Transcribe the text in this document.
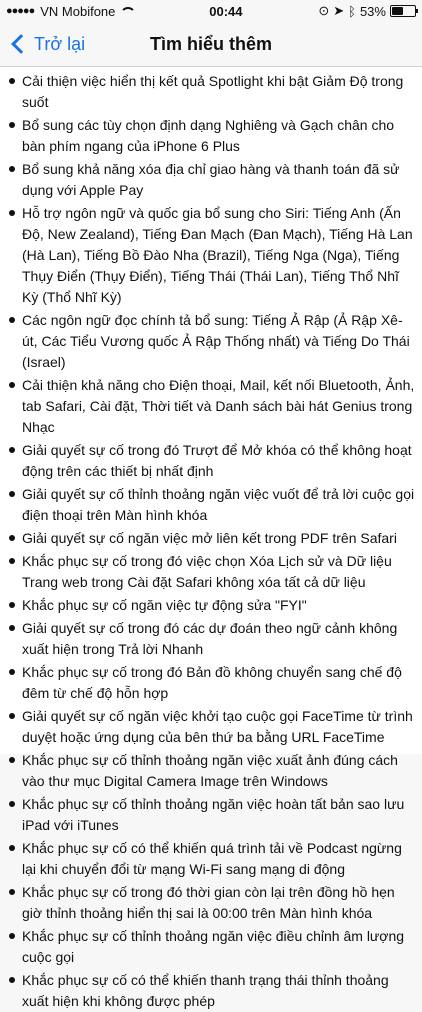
●●●●● VN Mobifone	00:44	⊙ ➤ ᛒ 53%
Trở lại	Tìm hiểu thêm
Cải thiện việc hiển thị kết quả Spotlight khi bật Giảm Độ trong suốt
Bổ sung các tùy chọn định dạng Nghiêng và Gạch chân cho bàn phím ngang của iPhone 6 Plus
Bổ sung khả năng xóa địa chỉ giao hàng và thanh toán đã sử dụng với Apple Pay
Hỗ trợ ngôn ngữ và quốc gia bổ sung cho Siri: Tiếng Anh (Ấn Độ, New Zealand), Tiếng Đan Mạch (Đan Mạch), Tiếng Hà Lan (Hà Lan), Tiếng Bồ Đào Nha (Brazil), Tiếng Nga (Nga), Tiếng Thụy Điển (Thụy Điển), Tiếng Thái (Thái Lan), Tiếng Thổ Nhĩ Kỳ (Thổ Nhĩ Kỳ)
Các ngôn ngữ đọc chính tả bổ sung: Tiếng Ả Rập (Ả Rập Xê-út, Các Tiểu Vương quốc Ả Rập Thống nhất) và Tiếng Do Thái (Israel)
Cải thiện khả năng cho Điện thoại, Mail, kết nối Bluetooth, Ảnh, tab Safari, Cài đặt, Thời tiết và Danh sách bài hát Genius trong Nhạc
Giải quyết sự cố trong đó Trượt để Mở khóa có thể không hoạt động trên các thiết bị nhất định
Giải quyết sự cố thỉnh thoảng ngăn việc vuốt để trả lời cuộc gọi điện thoại trên Màn hình khóa
Giải quyết sự cố ngăn việc mở liên kết trong PDF trên Safari
Khắc phục sự cố trong đó việc chọn Xóa Lịch sử và Dữ liệu Trang web trong Cài đặt Safari không xóa tất cả dữ liệu
Khắc phục sự cố ngăn việc tự động sửa "FYI"
Giải quyết sự cố trong đó các dự đoán theo ngữ cảnh không xuất hiện trong Trả lời Nhanh
Khắc phục sự cố trong đó Bản đồ không chuyển sang chế độ đêm từ chế độ hỗn hợp
Giải quyết sự cố ngăn việc khởi tạo cuộc gọi FaceTime từ trình duyệt hoặc ứng dụng của bên thứ ba bằng URL FaceTime
Khắc phục sự cố thỉnh thoảng ngăn việc xuất ảnh đúng cách vào thư mục Digital Camera Image trên Windows
Khắc phục sự cố thỉnh thoảng ngăn việc hoàn tất bản sao lưu iPad với iTunes
Khắc phục sự cố có thể khiến quá trình tải về Podcast ngừng lại khi chuyển đổi từ mạng Wi-Fi sang mạng di động
Khắc phục sự cố trong đó thời gian còn lại trên đồng hồ hẹn giờ thỉnh thoảng hiển thị sai là 00:00 trên Màn hình khóa
Khắc phục sự cố thỉnh thoảng ngăn việc điều chỉnh âm lượng cuộc gọi
Khắc phục sự cố có thể khiến thanh trạng thái thỉnh thoảng xuất hiện khi không được phép
